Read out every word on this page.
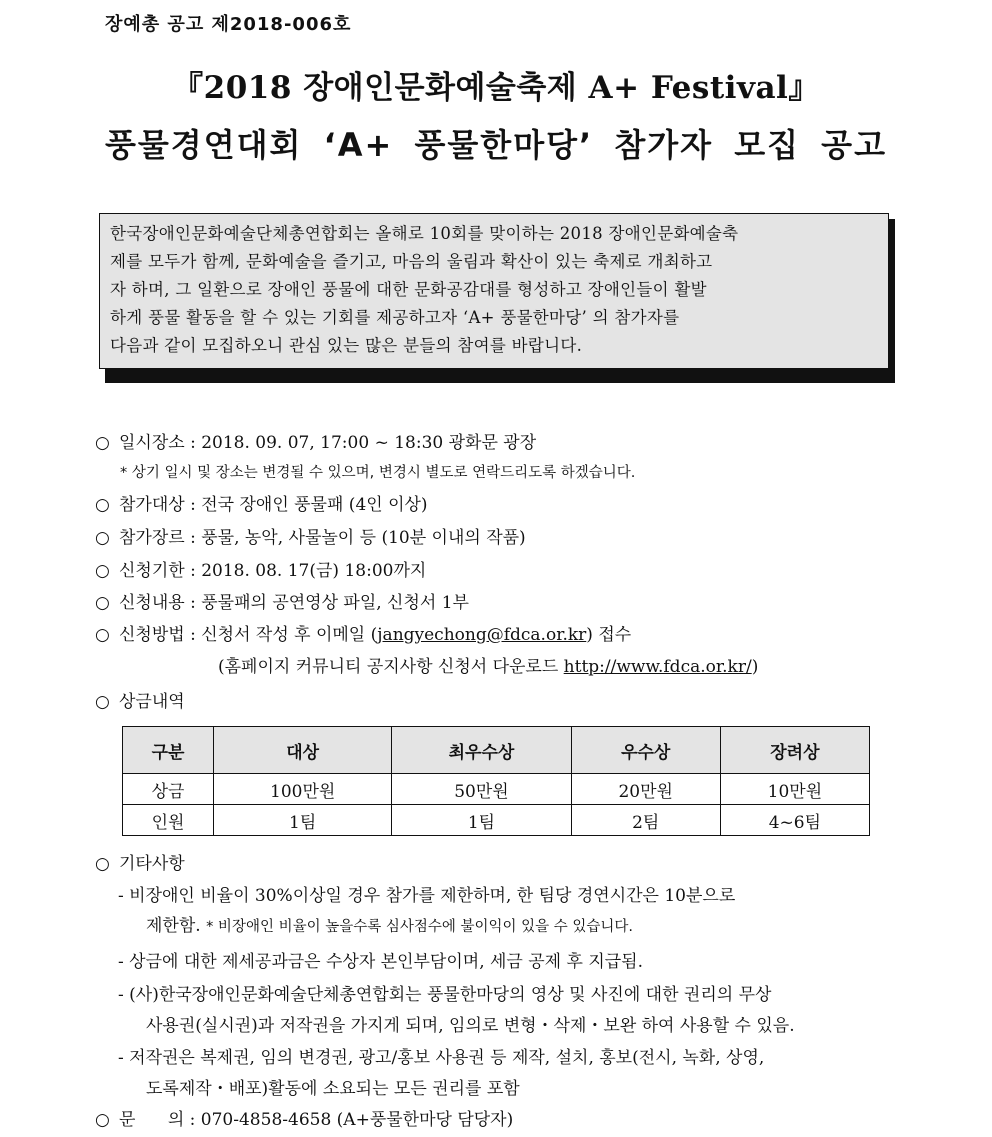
장예총 공고 제2018-006호
『2018 장애인문화예술축제 A+ Festival』
풍물경연대회 ‘A+ 풍물한마당’ 참가자 모집 공고
한국장애인문화예술단체총연합회는 올해로 10회를 맞이하는 2018 장애인문화예술축
제를 모두가 함께, 문화예술을 즐기고, 마음의 울림과 확산이 있는 축제로 개최하고
자 하며, 그 일환으로 장애인 풍물에 대한 문화공감대를 형성하고 장애인들이 활발
하게 풍물 활동을 할 수 있는 기회를 제공하고자 ‘A+ 풍물한마당’ 의 참가자를
다음과 같이 모집하오니 관심 있는 많은 분들의 참여를 바랍니다.
○ 일시장소 : 2018. 09. 07, 17:00 ~ 18:30 광화문 광장
* 상기 일시 및 장소는 변경될 수 있으며, 변경시 별도로 연락드리도록 하겠습니다.
○ 참가대상 : 전국 장애인 풍물패 (4인 이상)
○ 참가장르 : 풍물, 농악, 사물놀이 등 (10분 이내의 작품)
○ 신청기한 : 2018. 08. 17(금) 18:00까지
○ 신청내용 : 풍물패의 공연영상 파일, 신청서 1부
○ 신청방법 : 신청서 작성 후 이메일 (jangyechong@fdca.or.kr) 접수
(홈페이지 커뮤니티 공지사항 신청서 다운로드 http://www.fdca.or.kr/)
○ 상금내역
구분	대상	최우수상	우수상	장려상
상금	100만원	50만원	20만원	10만원
인원	1팀	1팀	2팀	4~6팀
○ 기타사항
- 비장애인 비율이 30%이상일 경우 참가를 제한하며, 한 팀당 경연시간은 10분으로
제한함. * 비장애인 비율이 높을수록 심사점수에 불이익이 있을 수 있습니다.
- 상금에 대한 제세공과금은 수상자 본인부담이며, 세금 공제 후 지급됨.
- (사)한국장애인문화예술단체총연합회는 풍물한마당의 영상 및 사진에 대한 권리의 무상
사용권(실시권)과 저작권을 가지게 되며, 임의로 변형・삭제・보완 하여 사용할 수 있음.
- 저작권은 복제권, 임의 변경권, 광고/홍보 사용권 등 제작, 설치, 홍보(전시, 녹화, 상영,
도록제작・배포)활동에 소요되는 모든 권리를 포함
○ 문      의 : 070-4858-4658 (A+풍물한마당 담당자)
